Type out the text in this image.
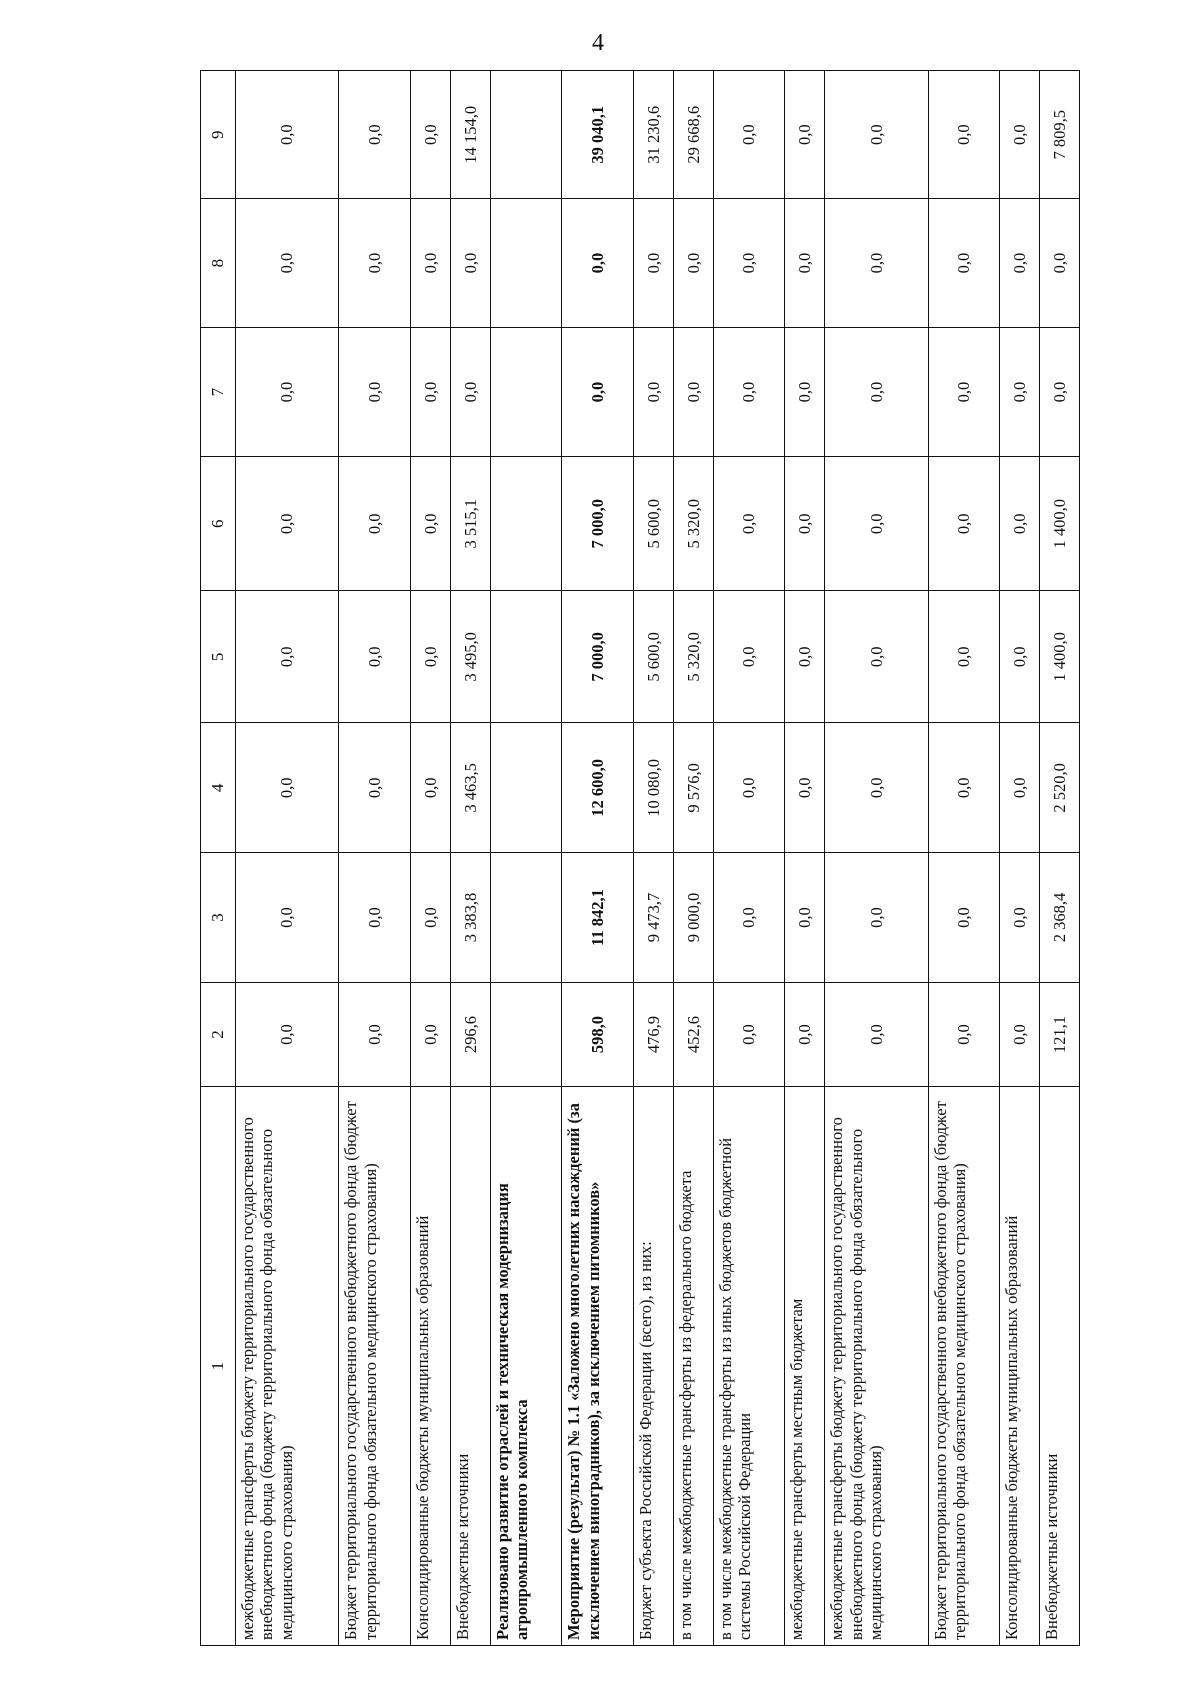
4
1	2	3	4	5	6	7	8	9
межбюджетные трансферты бюджету территориального государственного внебюджетного фонда (бюджету территориального фонда обязательного медицинского страхования)	0,0	0,0	0,0	0,0	0,0	0,0	0,0	0,0
Бюджет территориального государственного внебюджетного фонда (бюджет территориального фонда обязательного медицинского страхования)	0,0	0,0	0,0	0,0	0,0	0,0	0,0	0,0
Консолидированные бюджеты муниципальных образований	0,0	0,0	0,0	0,0	0,0	0,0	0,0	0,0
Внебюджетные источники	296,6	3 383,8	3 463,5	3 495,0	3 515,1	0,0	0,0	14 154,0
Реализовано развитие отраслей и техническая модернизация агропромышленного комплекса								
Мероприятие (результат) № 1.1 «Заложено многолетних насаждений (за исключением виноградников), за исключением питомников»	598,0	11 842,1	12 600,0	7 000,0	7 000,0	0,0	0,0	39 040,1
Бюджет субъекта Российской Федерации (всего), из них:	476,9	9 473,7	10 080,0	5 600,0	5 600,0	0,0	0,0	31 230,6
в том числе межбюджетные трансферты из федерального бюджета	452,6	9 000,0	9 576,0	5 320,0	5 320,0	0,0	0,0	29 668,6
в том числе межбюджетные трансферты из иных бюджетов бюджетной системы Российской Федерации	0,0	0,0	0,0	0,0	0,0	0,0	0,0	0,0
межбюджетные трансферты местным бюджетам	0,0	0,0	0,0	0,0	0,0	0,0	0,0	0,0
межбюджетные трансферты бюджету территориального государственного внебюджетного фонда (бюджету территориального фонда обязательного медицинского страхования)	0,0	0,0	0,0	0,0	0,0	0,0	0,0	0,0
Бюджет территориального государственного внебюджетного фонда (бюджет территориального фонда обязательного медицинского страхования)	0,0	0,0	0,0	0,0	0,0	0,0	0,0	0,0
Консолидированные бюджеты муниципальных образований	0,0	0,0	0,0	0,0	0,0	0,0	0,0	0,0
Внебюджетные источники	121,1	2 368,4	2 520,0	1 400,0	1 400,0	0,0	0,0	7 809,5
